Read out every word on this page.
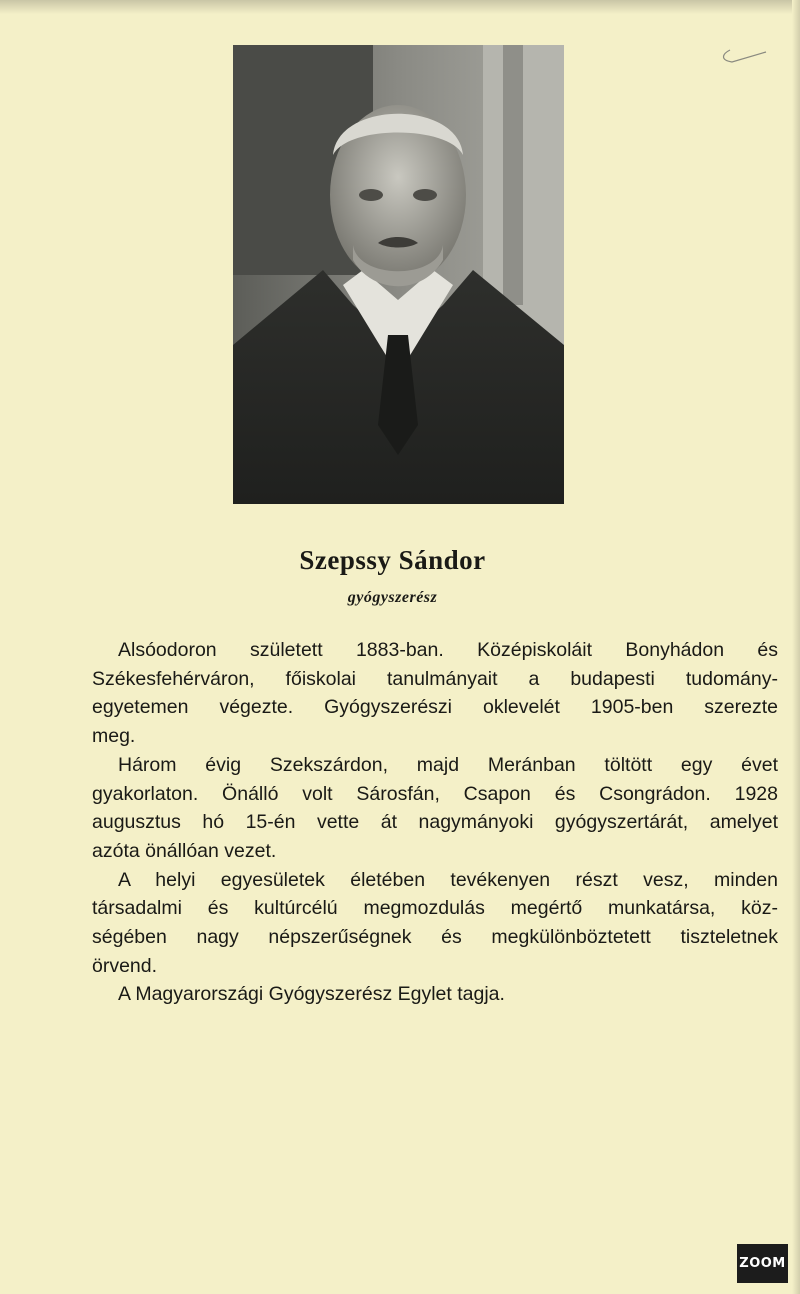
Szepssy Sándor
gyógyszerész
Alsóodoron született 1883-ban. Középiskoláit Bonyhádon és
Székesfehérváron, főiskolai tanulmányait a budapesti tudomány-
egyetemen végezte. Gyógyszerészi oklevelét 1905-ben szerezte
meg.
Három évig Szekszárdon, majd Meránban töltött egy évet
gyakorlaton. Önálló volt Sárosfán, Csapon és Csongrádon. 1928
augusztus hó 15-én vette át nagymányoki gyógyszertárát, amelyet
azóta önállóan vezet.
A helyi egyesületek életében tevékenyen részt vesz, minden
társadalmi és kultúrcélú megmozdulás megértő munkatársa, köz-
ségében nagy népszerűségnek és megkülönböztetett tiszteletnek
örvend.
A Magyarországi Gyógyszerész Egylet tagja.
ZOOM
